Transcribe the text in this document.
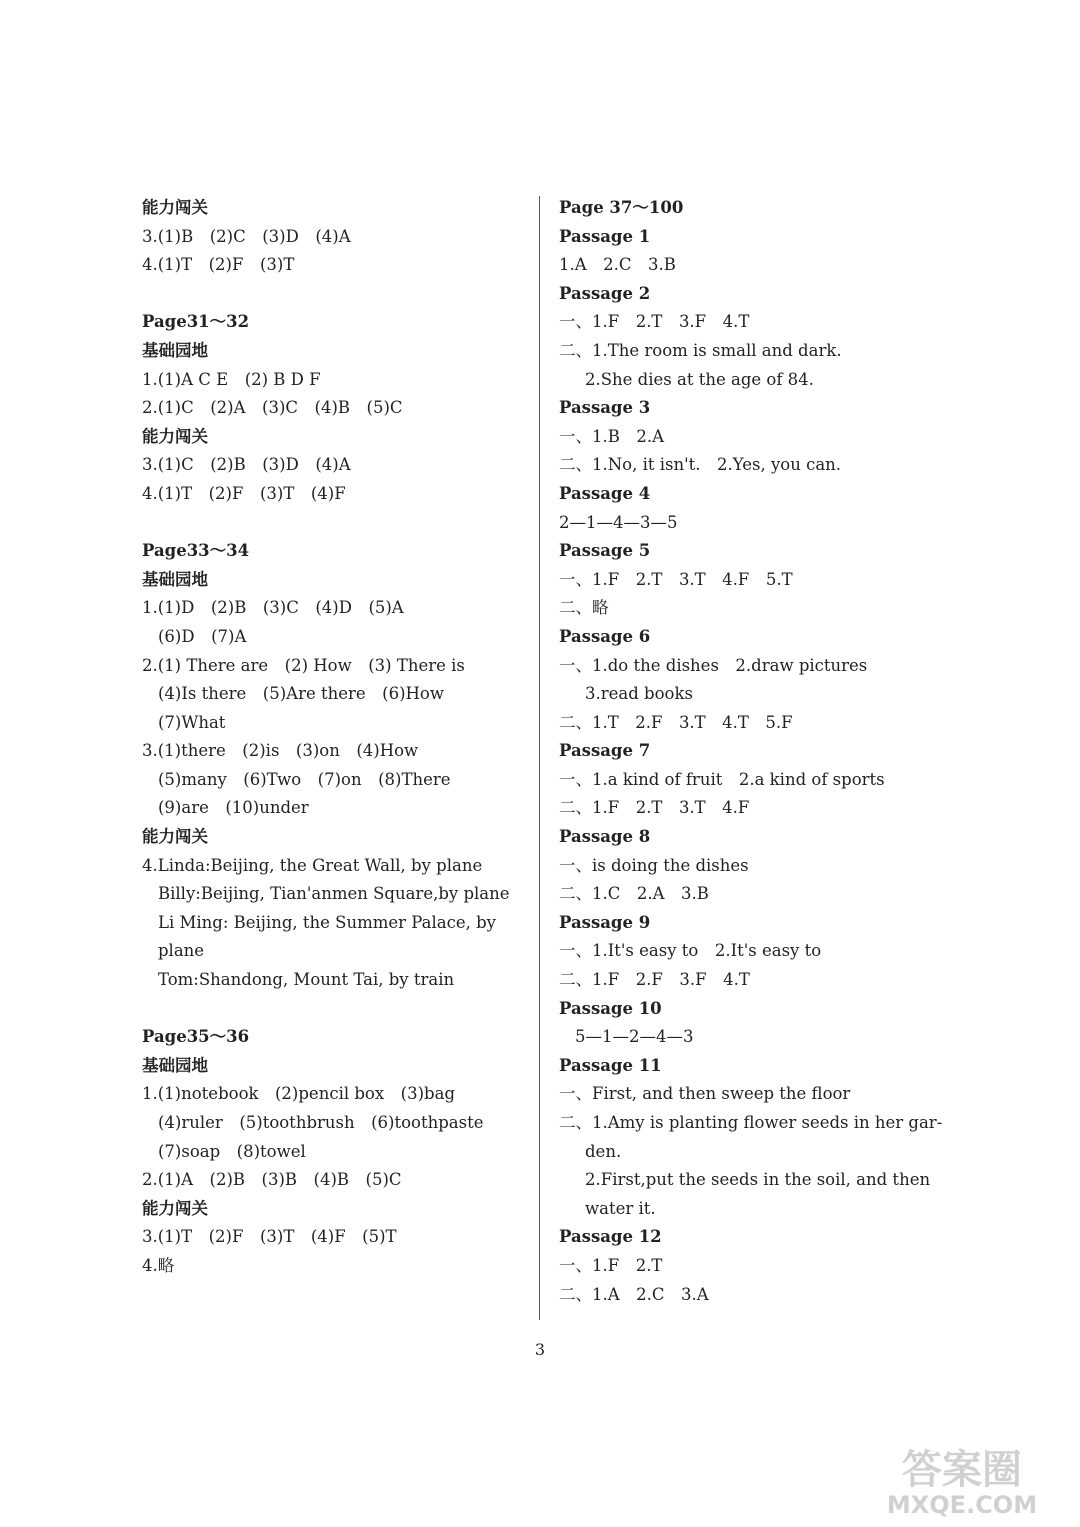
能力闯关
3.(1)B　(2)C　(3)D　(4)A
4.(1)T　(2)F　(3)T
Page31～32
基础园地
1.(1)A C E　(2) B D F
2.(1)C　(2)A　(3)C　(4)B　(5)C
能力闯关
3.(1)C　(2)B　(3)D　(4)A
4.(1)T　(2)F　(3)T　(4)F
Page33～34
基础园地
1.(1)D　(2)B　(3)C　(4)D　(5)A
(6)D　(7)A
2.(1) There are　(2) How　(3) There is
(4)Is there　(5)Are there　(6)How
(7)What
3.(1)there　(2)is　(3)on　(4)How
(5)many　(6)Two　(7)on　(8)There
(9)are　(10)under
能力闯关
4.Linda:Beijing, the Great Wall, by plane
Billy:Beijing, Tian'anmen Square,by plane
Li Ming: Beijing, the Summer Palace, by
plane
Tom:Shandong, Mount Tai, by train
Page35～36
基础园地
1.(1)notebook　(2)pencil box　(3)bag
(4)ruler　(5)toothbrush　(6)toothpaste
(7)soap　(8)towel
2.(1)A　(2)B　(3)B　(4)B　(5)C
能力闯关
3.(1)T　(2)F　(3)T　(4)F　(5)T
4.略
Page 37～100
Passage 1
1.A　2.C　3.B
Passage 2
一、1.F　2.T　3.F　4.T
二、1.The room is small and dark.
2.She dies at the age of 84.
Passage 3
一、1.B　2.A
二、1.No, it isn't.　2.Yes, you can.
Passage 4
2—1—4—3—5
Passage 5
一、1.F　2.T　3.T　4.F　5.T
二、略
Passage 6
一、1.do the dishes　2.draw pictures
3.read books
二、1.T　2.F　3.T　4.T　5.F
Passage 7
一、1.a kind of fruit　2.a kind of sports
二、1.F　2.T　3.T　4.F
Passage 8
一、is doing the dishes
二、1.C　2.A　3.B
Passage 9
一、1.It's easy to　2.It's easy to
二、1.F　2.F　3.F　4.T
Passage 10
5—1—2—4—3
Passage 11
一、First, and then sweep the floor
二、1.Amy is planting flower seeds in her gar-
den.
2.First,put the seeds in the soil, and then
water it.
Passage 12
一、1.F　2.T
二、1.A　2.C　3.A
3
答案圈
MXQE.COM
